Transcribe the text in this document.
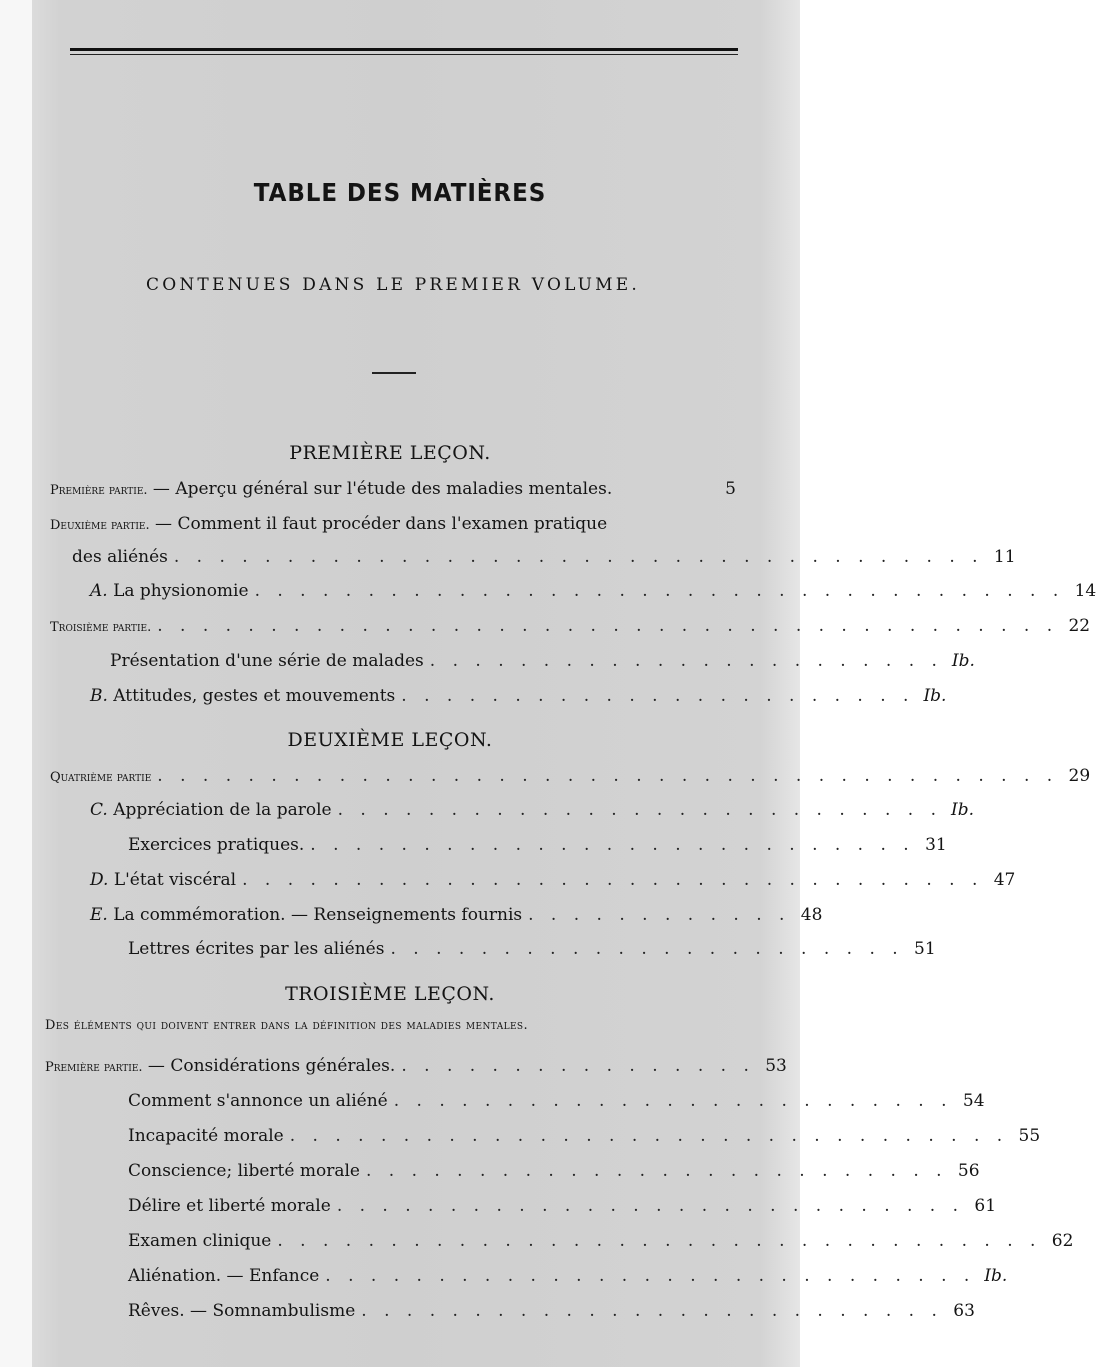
TABLE DES MATIÈRES
CONTENUES DANS LE PREMIER VOLUME.
PREMIÈRE LEÇON.
Première partie. — Aperçu général sur l'étude des maladies mentales.	5
Deuxième partie. — Comment il faut procéder dans l'examen pratique
des aliénés . . . . . . . . . . . . . . . . . . . . . . . . . . . . . . . . . . . . 11
A. La physionomie . . . . . . . . . . . . . . . . . . . . . . . . . . . . . . . . . . . . 14
Troisième partie. . . . . . . . . . . . . . . . . . . . . . . . . . . . . . . . . . . . . . . . . 22
Présentation d'une série de malades . . . . . . . . . . . . . . . . . . . . . . . Ib.
B. Attitudes, gestes et mouvements . . . . . . . . . . . . . . . . . . . . . . . Ib.
DEUXIÈME LEÇON.
Quatrième partie . . . . . . . . . . . . . . . . . . . . . . . . . . . . . . . . . . . . . . . . 29
C. Appréciation de la parole . . . . . . . . . . . . . . . . . . . . . . . . . . . Ib.
Exercices pratiques. . . . . . . . . . . . . . . . . . . . . . . . . . . . 31
D. L'état viscéral . . . . . . . . . . . . . . . . . . . . . . . . . . . . . . . . . 47
E. La commémoration. — Renseignements fournis . . . . . . . . . . . . 48
Lettres écrites par les aliénés . . . . . . . . . . . . . . . . . . . . . . . 51
TROISIÈME LEÇON.
Des éléments qui doivent entrer dans la définition des maladies mentales.
Première partie. — Considérations générales. . . . . . . . . . . . . . . . . 53
Comment s'annonce un aliéné . . . . . . . . . . . . . . . . . . . . . . . . . 54
Incapacité morale . . . . . . . . . . . . . . . . . . . . . . . . . . . . . . . . 55
Conscience; liberté morale . . . . . . . . . . . . . . . . . . . . . . . . . . 56
Délire et liberté morale . . . . . . . . . . . . . . . . . . . . . . . . . . . . 61
Examen clinique . . . . . . . . . . . . . . . . . . . . . . . . . . . . . . . . . . 62
Aliénation. — Enfance . . . . . . . . . . . . . . . . . . . . . . . . . . . . . Ib.
Rêves. — Somnambulisme . . . . . . . . . . . . . . . . . . . . . . . . . . 63
